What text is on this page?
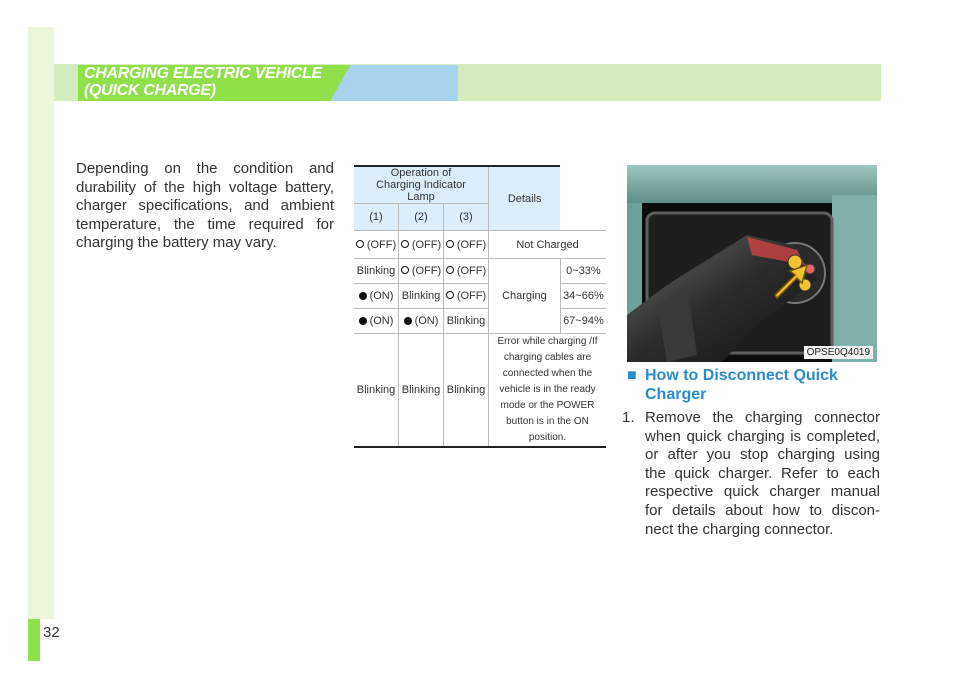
32
CHARGING ELECTRIC VEHICLE
(QUICK CHARGE)
Depending on the condition and durability of the high voltage battery, charger specifications, and ambient temperature, the time required for charging the battery may vary.
Operation of Charging Indicator Lamp			Details	
(1)	(2)	(3)		
(OFF)	(OFF)	(OFF)	Not Charged	
Blinking	(OFF)	(OFF)	Charging	0~33%
(ON)	Blinking	(OFF)		34~66%
(ON)	(ON)	Blinking		67~94%
Blinking	Blinking	Blinking	Error while charging /If charging cables are connected when the vehicle is in the ready mode or the POWER button is in the ON position.	
OPSE0Q4019
■ How to Disconnect Quick Charger
1. Remove the charging connector when quick charging is completed, or after you stop charging using the quick charger. Refer to each respective quick charger manual for details about how to discon-nect the charging connector.
